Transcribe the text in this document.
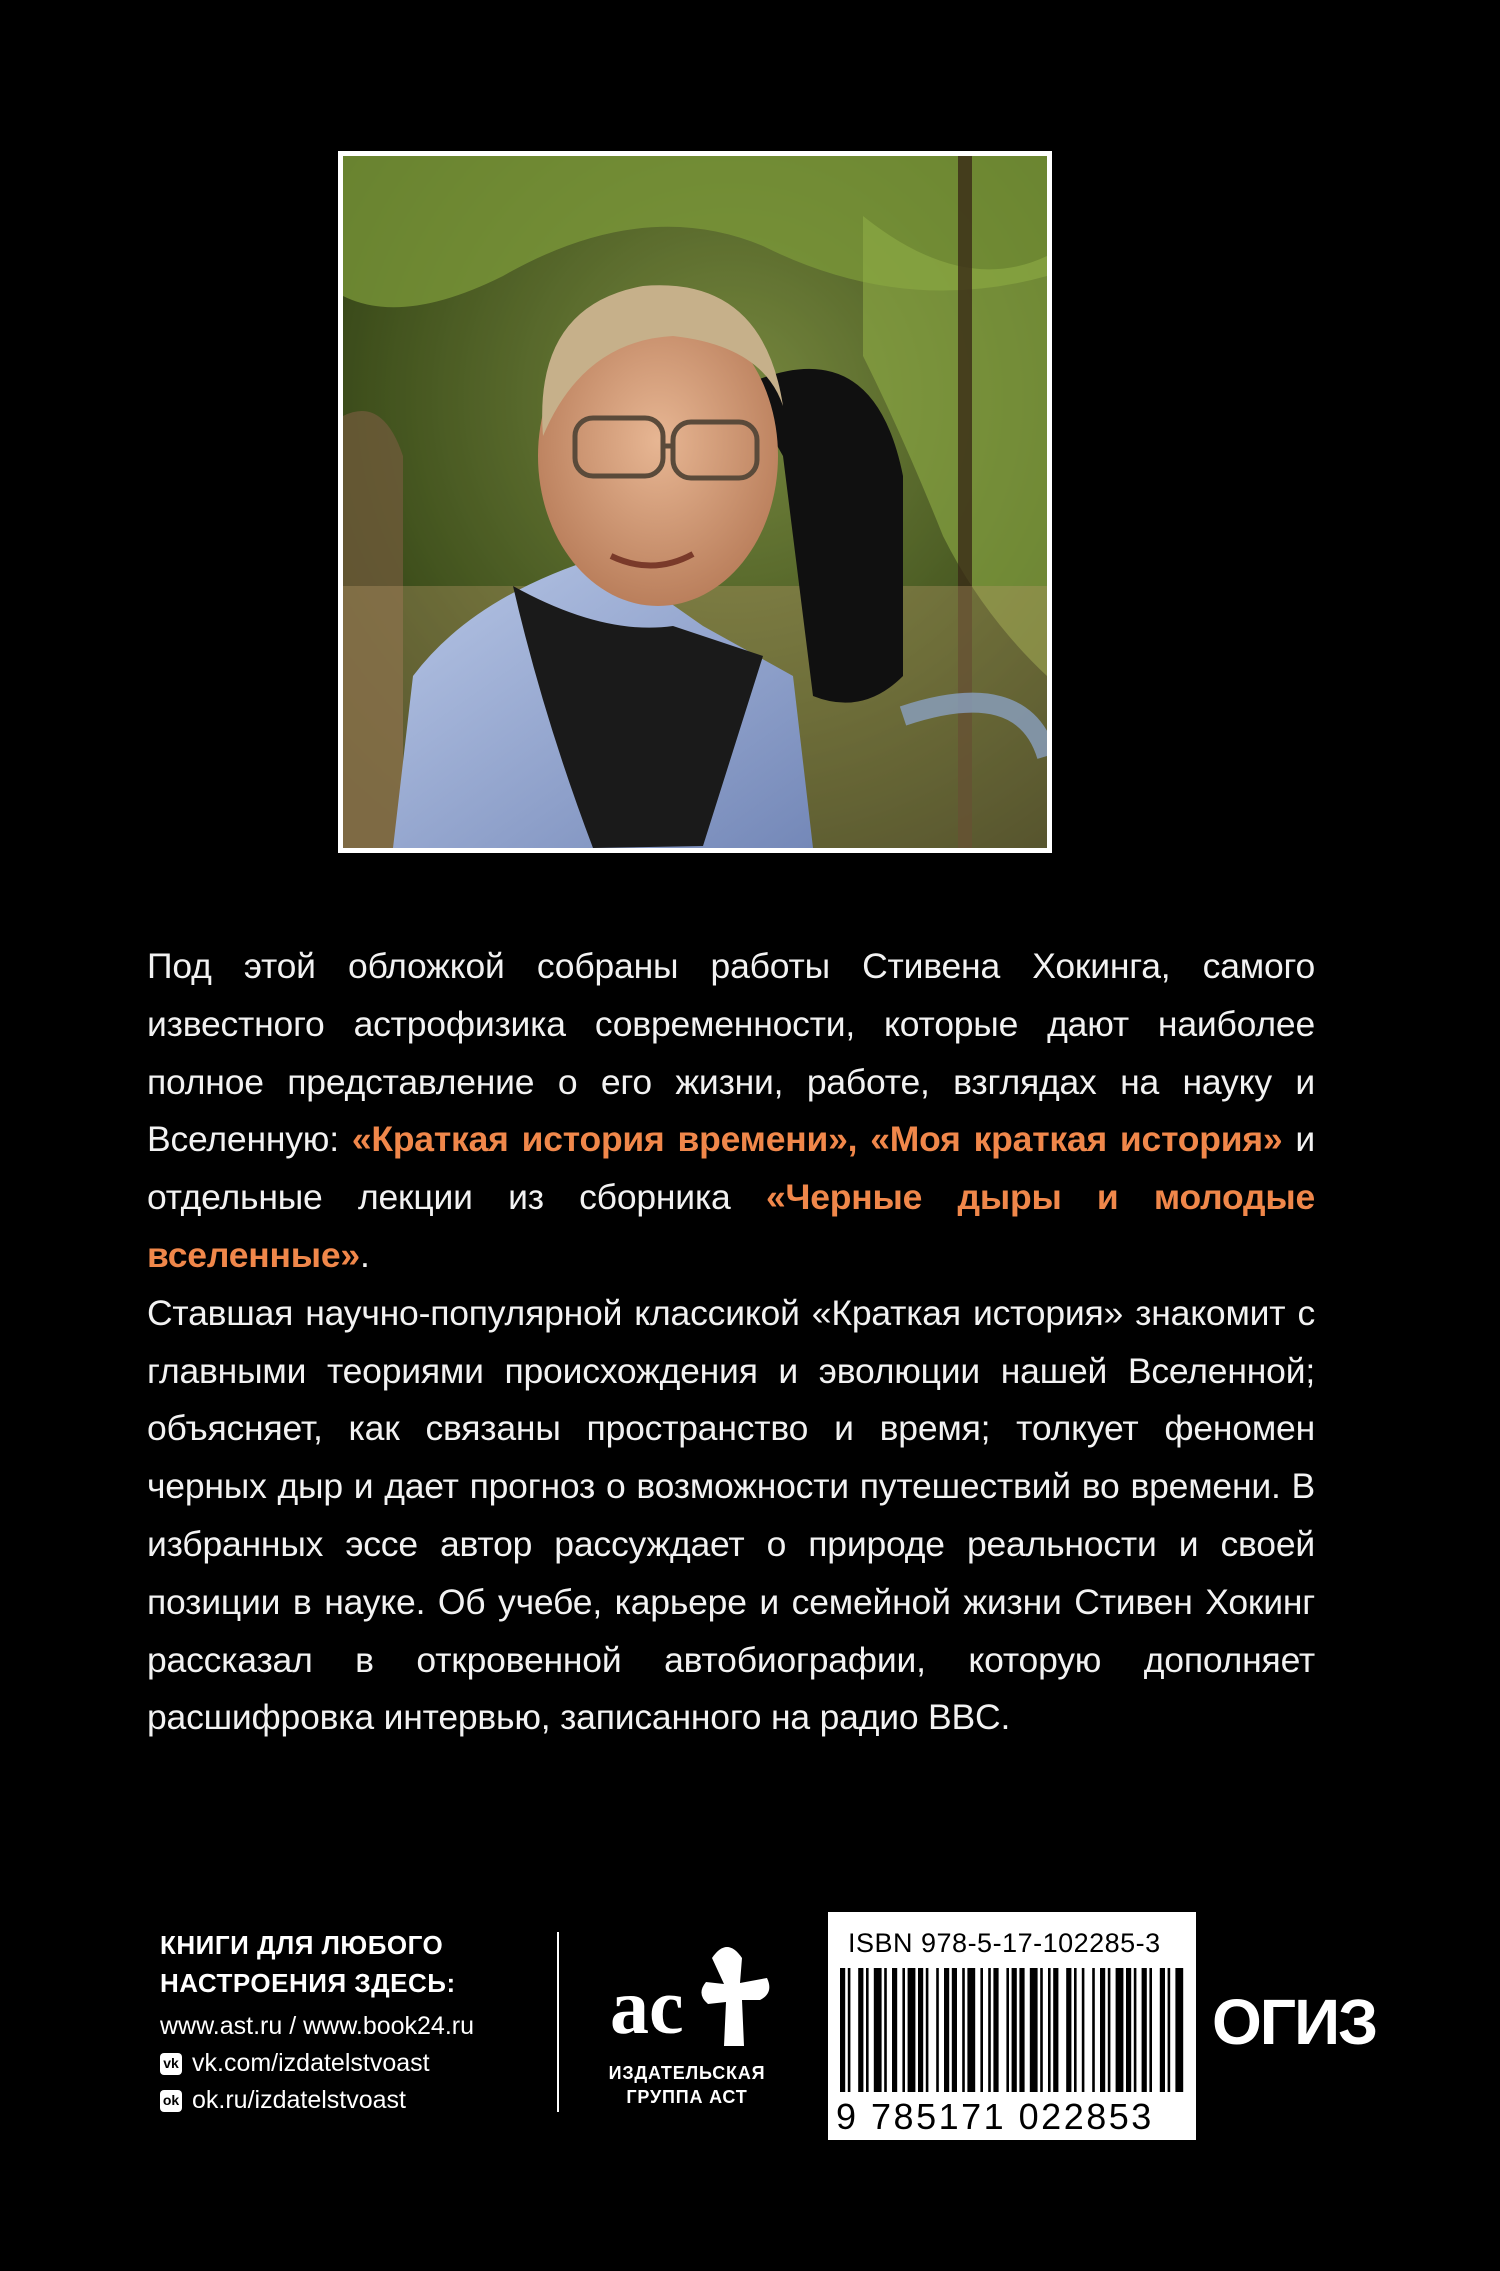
Под этой обложкой собраны работы Стивена Хокинга, самого известного астрофизика современности, которые дают наиболее полное представление о его жизни, работе, взглядах на науку и Вселенную: «Краткая история времени», «Моя краткая история» и отдельные лекции из сборника «Черные дыры и молодые вселенные».

Ставшая научно-популярной классикой «Краткая история» знакомит с главными теориями происхождения и эволюции нашей Вселенной; объясняет, как связаны пространство и время; толкует феномен черных дыр и дает прогноз о возможности путешествий во времени. В избранных эссе автор рассуждает о природе реальности и своей позиции в науке. Об учебе, карьере и семейной жизни Стивен Хокинг рассказал в откровенной автобиографии, которую дополняет расшифровка интервью, записанного на радио BBC.

КНИГИ ДЛЯ ЛЮБОГО
НАСТРОЕНИЯ ЗДЕСЬ:
www.ast.ru / www.book24.ru
vk vk.com/izdatelstvoast
ok ok.ru/izdatelstvoast
ac
ИЗДАТЕЛЬСКАЯ
ГРУППА АСТ
ISBN 978-5-17-102285-3
9 785171 022853
ОГИЗ
